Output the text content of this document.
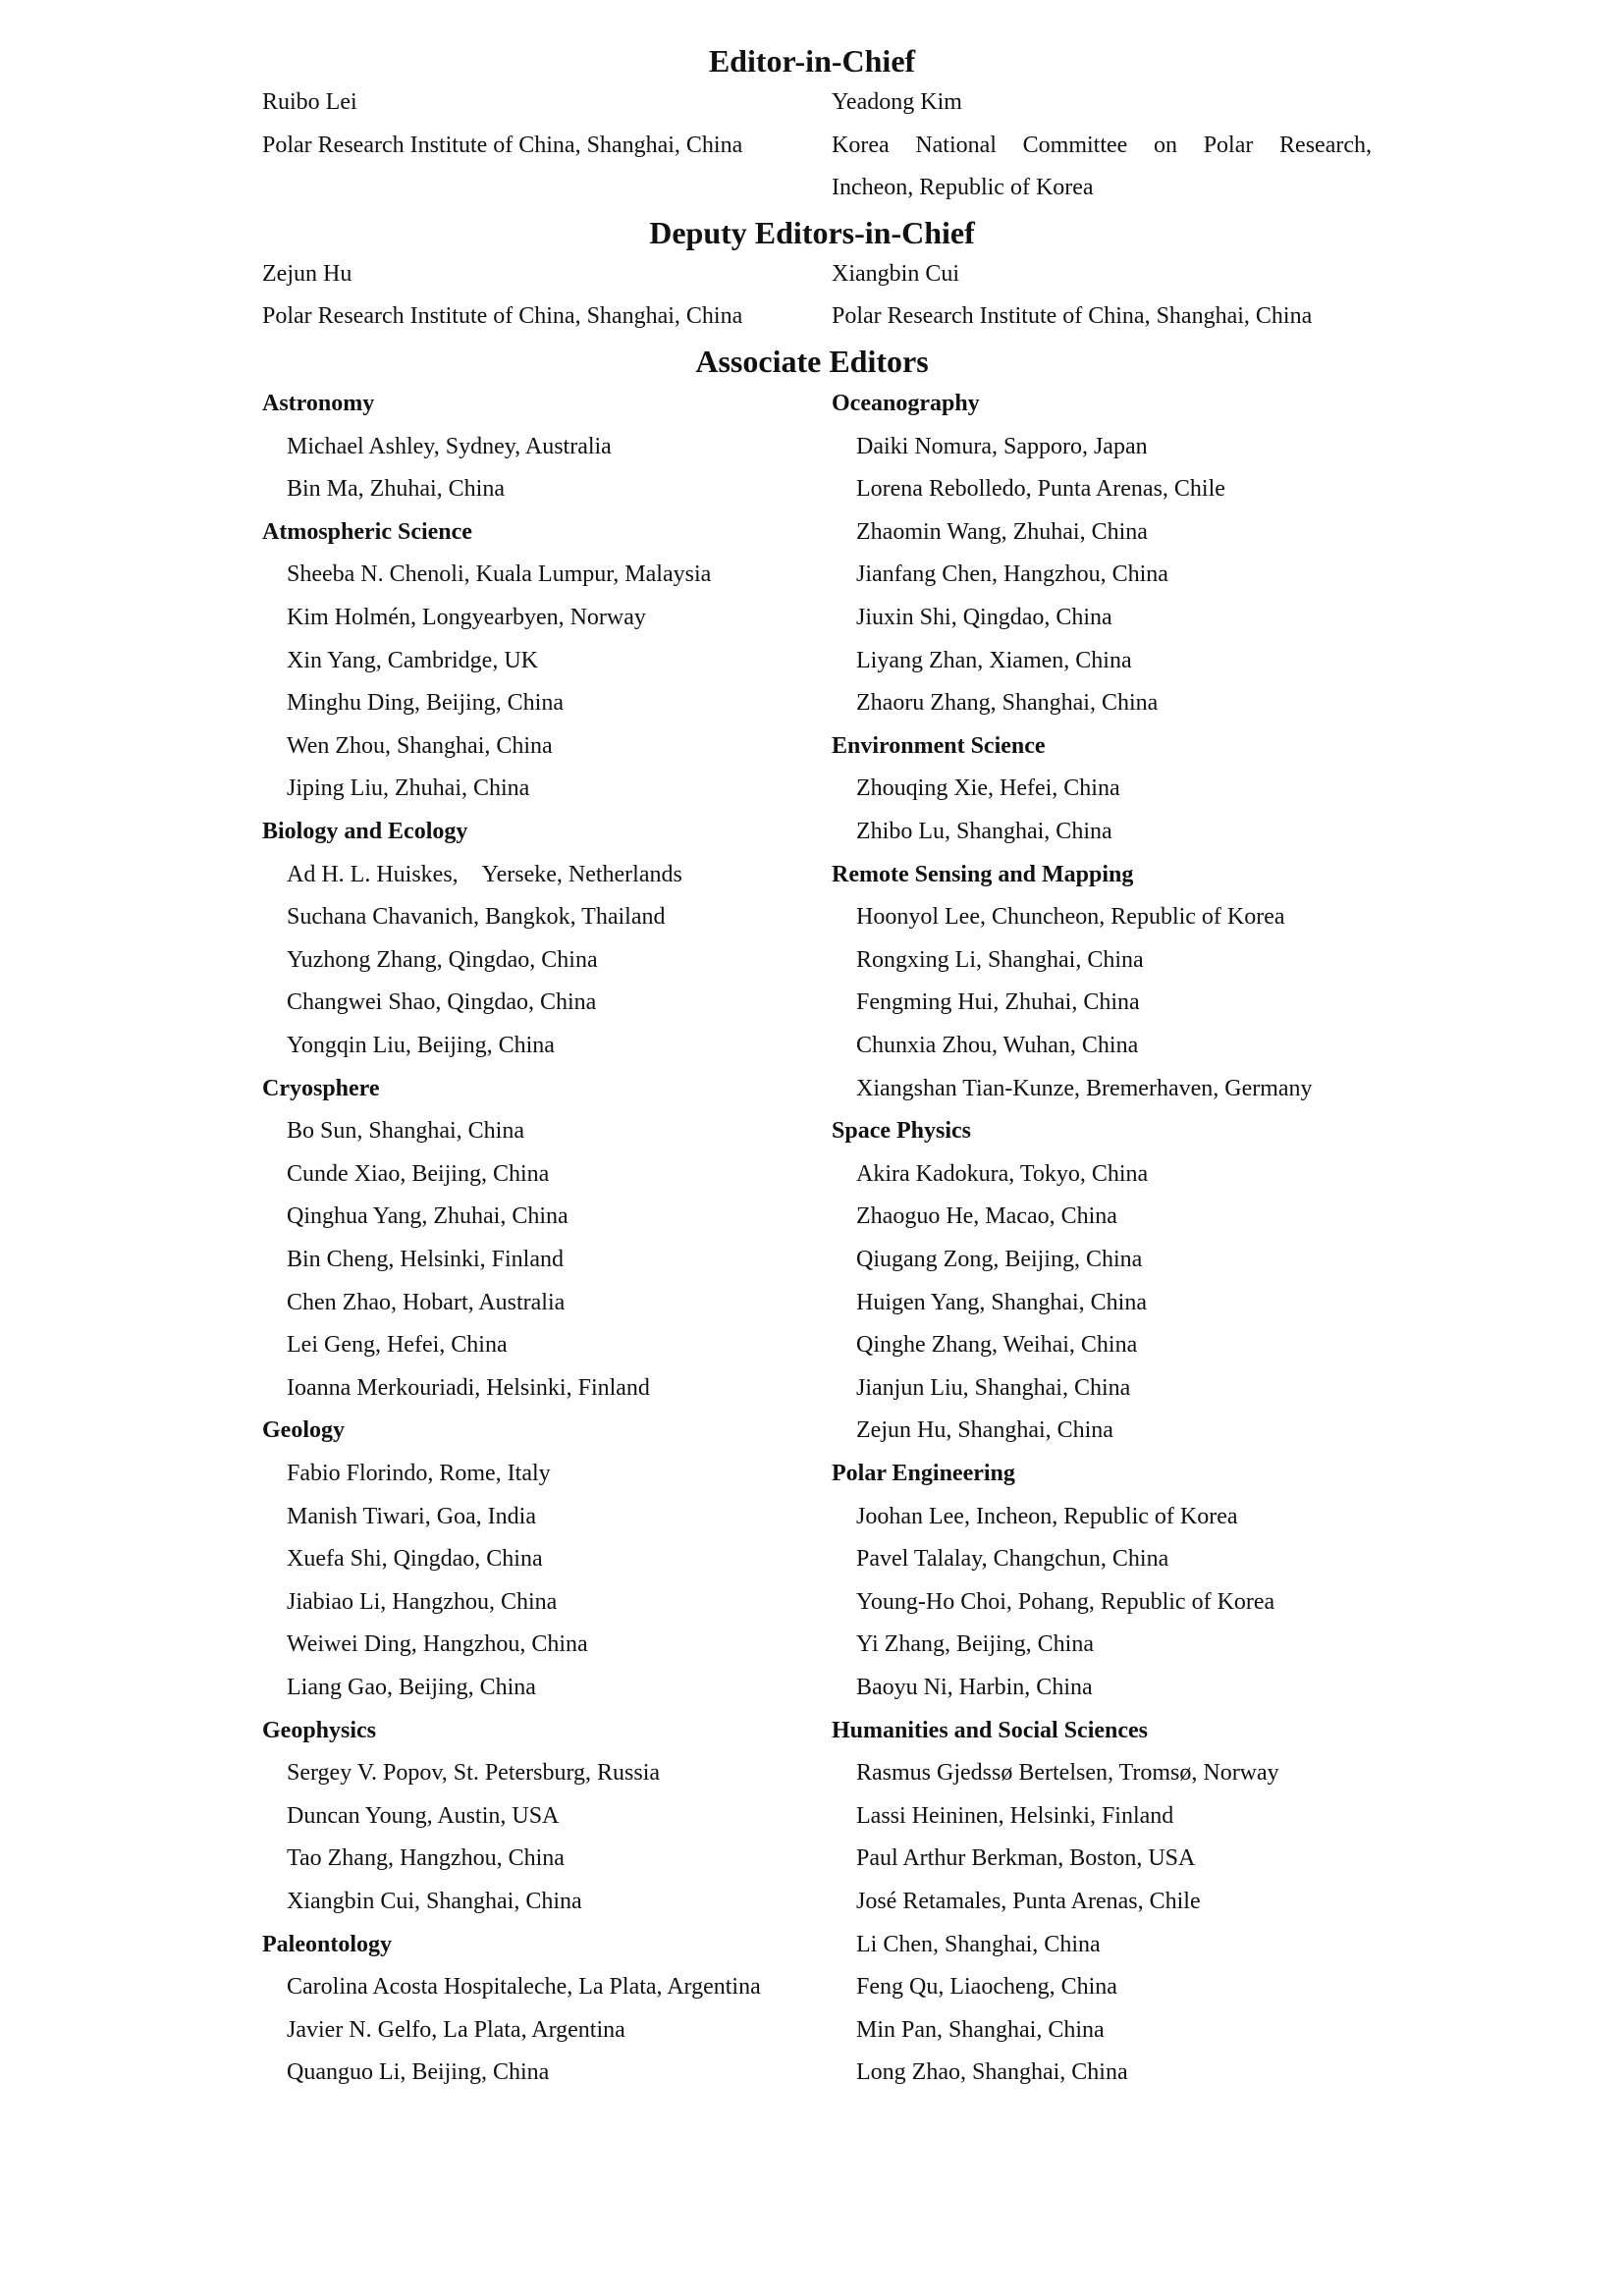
Editor-in-Chief
Ruibo Lei	Yeadong Kim
Polar Research Institute of China, Shanghai, China	Korea National Committee on Polar Research,
Incheon, Republic of Korea
Deputy Editors-in-Chief
Zejun Hu	Xiangbin Cui
Polar Research Institute of China, Shanghai, China	Polar Research Institute of China, Shanghai, China
Associate Editors
Astronomy
Michael Ashley, Sydney, Australia
Bin Ma, Zhuhai, China
Atmospheric Science
Sheeba N. Chenoli, Kuala Lumpur, Malaysia
Kim Holmén, Longyearbyen, Norway
Xin Yang, Cambridge, UK
Minghu Ding, Beijing, China
Wen Zhou, Shanghai, China
Jiping Liu, Zhuhai, China
Biology and Ecology
Ad H. L. Huiskes,    Yerseke, Netherlands
Suchana Chavanich, Bangkok, Thailand
Yuzhong Zhang, Qingdao, China
Changwei Shao, Qingdao, China
Yongqin Liu, Beijing, China
Cryosphere
Bo Sun, Shanghai, China
Cunde Xiao, Beijing, China
Qinghua Yang, Zhuhai, China
Bin Cheng, Helsinki, Finland
Chen Zhao, Hobart, Australia
Lei Geng, Hefei, China
Ioanna Merkouriadi, Helsinki, Finland
Geology
Fabio Florindo, Rome, Italy
Manish Tiwari, Goa, India
Xuefa Shi, Qingdao, China
Jiabiao Li, Hangzhou, China
Weiwei Ding, Hangzhou, China
Liang Gao, Beijing, China
Geophysics
Sergey V. Popov, St. Petersburg, Russia
Duncan Young, Austin, USA
Tao Zhang, Hangzhou, China
Xiangbin Cui, Shanghai, China
Paleontology
Carolina Acosta Hospitaleche, La Plata, Argentina
Javier N. Gelfo, La Plata, Argentina
Quanguo Li, Beijing, China
Oceanography
Daiki Nomura, Sapporo, Japan
Lorena Rebolledo, Punta Arenas, Chile
Zhaomin Wang, Zhuhai, China
Jianfang Chen, Hangzhou, China
Jiuxin Shi, Qingdao, China
Liyang Zhan, Xiamen, China
Zhaoru Zhang, Shanghai, China
Environment Science
Zhouqing Xie, Hefei, China
Zhibo Lu, Shanghai, China
Remote Sensing and Mapping
Hoonyol Lee, Chuncheon, Republic of Korea
Rongxing Li, Shanghai, China
Fengming Hui, Zhuhai, China
Chunxia Zhou, Wuhan, China
Xiangshan Tian-Kunze, Bremerhaven, Germany
Space Physics
Akira Kadokura, Tokyo, China
Zhaoguo He, Macao, China
Qiugang Zong, Beijing, China
Huigen Yang, Shanghai, China
Qinghe Zhang, Weihai, China
Jianjun Liu, Shanghai, China
Zejun Hu, Shanghai, China
Polar Engineering
Joohan Lee, Incheon, Republic of Korea
Pavel Talalay, Changchun, China
Young-Ho Choi, Pohang, Republic of Korea
Yi Zhang, Beijing, China
Baoyu Ni, Harbin, China
Humanities and Social Sciences
Rasmus Gjedssø Bertelsen, Tromsø, Norway
Lassi Heininen, Helsinki, Finland
Paul Arthur Berkman, Boston, USA
José Retamales, Punta Arenas, Chile
Li Chen, Shanghai, China
Feng Qu, Liaocheng, China
Min Pan, Shanghai, China
Long Zhao, Shanghai, China
